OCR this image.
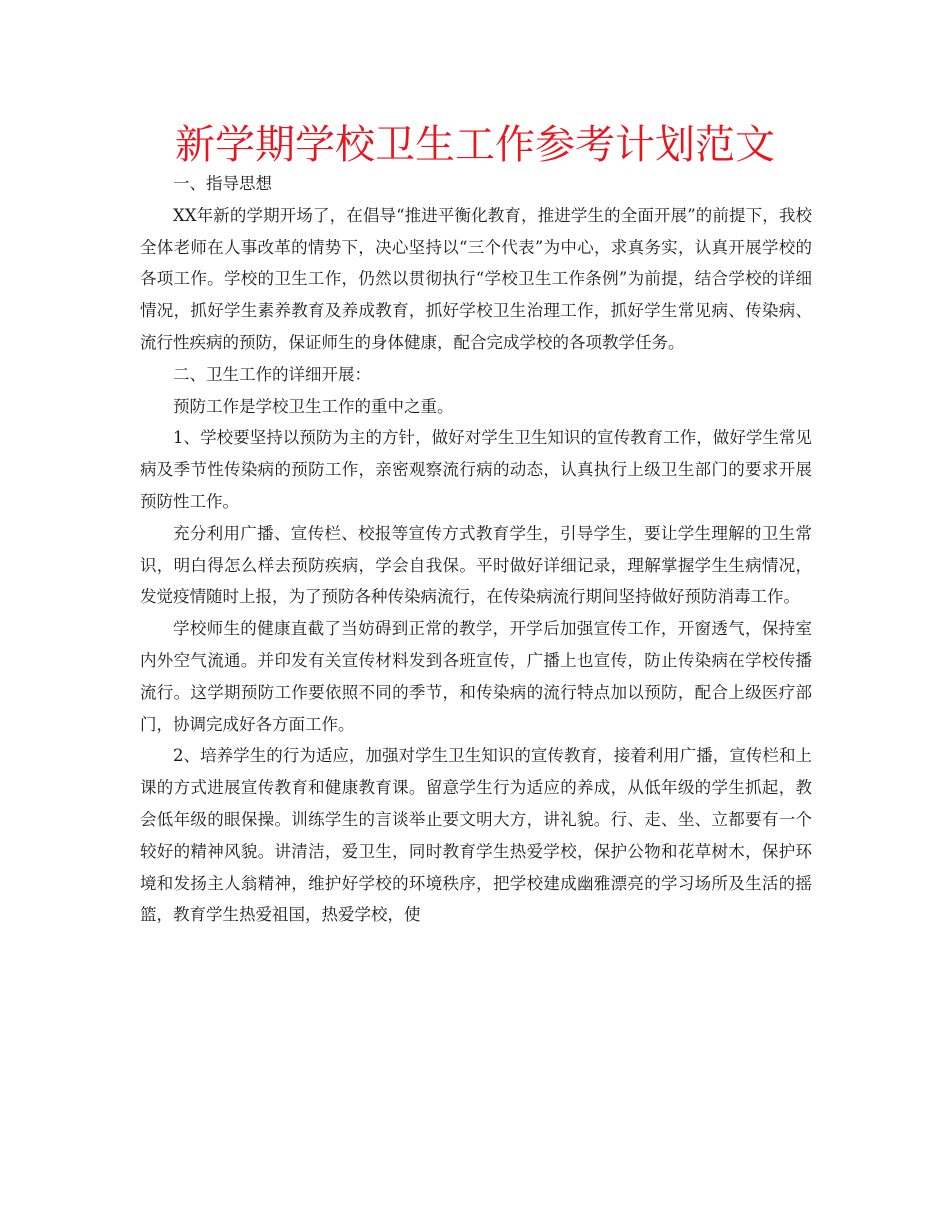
新学期学校卫生工作参考计划范文

一、指导思想

XX年新的学期开场了，在倡导“推进平衡化教育，推进学生的全面开展”的前提下，我校全体老师在人事改革的情势下，决心坚持以“三个代表”为中心，求真务实，认真开展学校的各项工作。学校的卫生工作，仍然以贯彻执行“学校卫生工作条例”为前提，结合学校的详细情况，抓好学生素养教育及养成教育，抓好学校卫生治理工作，抓好学生常见病、传染病、流行性疾病的预防，保证师生的身体健康，配合完成学校的各项教学任务。

二、卫生工作的详细开展：

预防工作是学校卫生工作的重中之重。

1、学校要坚持以预防为主的方针，做好对学生卫生知识的宣传教育工作，做好学生常见病及季节性传染病的预防工作，亲密观察流行病的动态，认真执行上级卫生部门的要求开展预防性工作。

充分利用广播、宣传栏、校报等宣传方式教育学生，引导学生，要让学生理解的卫生常识，明白得怎么样去预防疾病，学会自我保。平时做好详细记录，理解掌握学生生病情况，发觉疫情随时上报，为了预防各种传染病流行，在传染病流行期间坚持做好预防消毒工作。

学校师生的健康直截了当妨碍到正常的教学，开学后加强宣传工作，开窗透气，保持室内外空气流通。并印发有关宣传材料发到各班宣传，广播上也宣传，防止传染病在学校传播流行。这学期预防工作要依照不同的季节，和传染病的流行特点加以预防，配合上级医疗部门，协调完成好各方面工作。

2、培养学生的行为适应，加强对学生卫生知识的宣传教育，接着利用广播，宣传栏和上课的方式进展宣传教育和健康教育课。留意学生行为适应的养成，从低年级的学生抓起，教会低年级的眼保操。训练学生的言谈举止要文明大方，讲礼貌。行、走、坐、立都要有一个较好的精神风貌。讲清洁，爱卫生，同时教育学生热爱学校，保护公物和花草树木，保护环境和发扬主人翁精神，维护好学校的环境秩序，把学校建成幽雅漂亮的学习场所及生活的摇篮，教育学生热爱祖国，热爱学校，使
